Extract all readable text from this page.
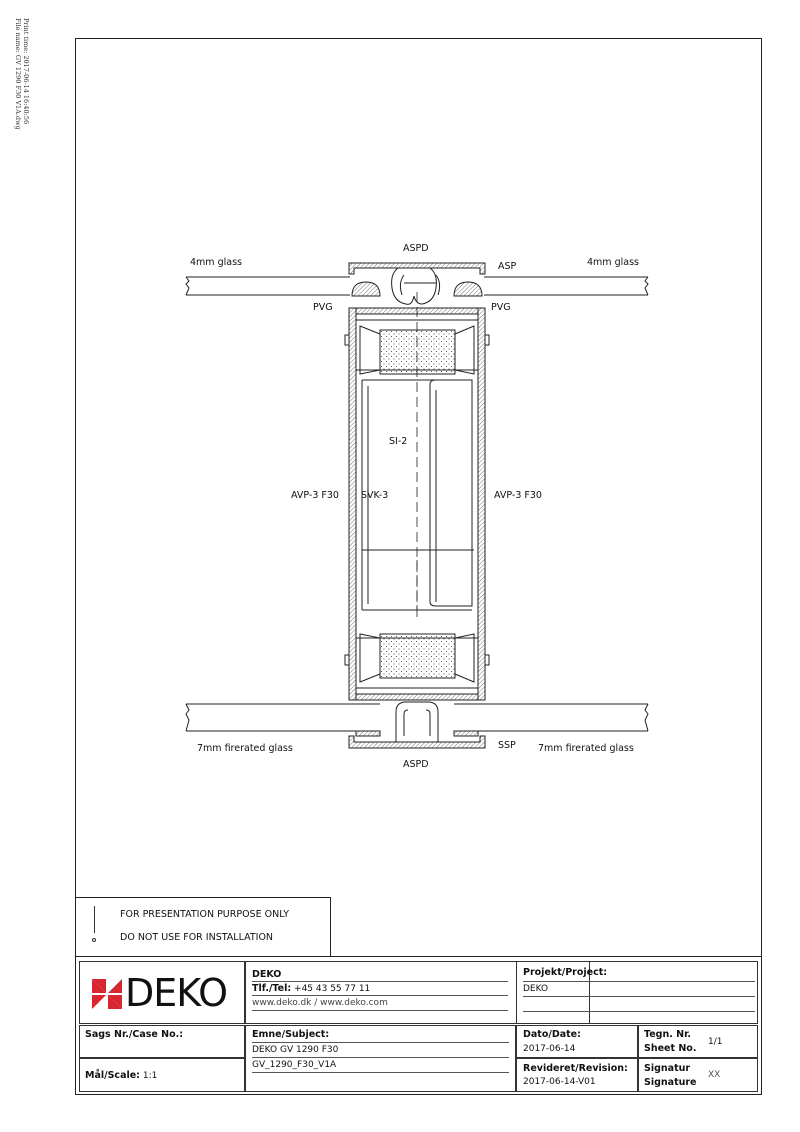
Print time: 2017-06-14 16:40:56
File name: GV 1290 F30 V1A.dwg
ASPD
4mm glass	4mm glass
ASP
PVG	PVG
SI-2
AVP-3 F30 SVK-3	AVP-3 F30
7mm firerated glass	SSP 7mm firerated glass
ASPD
FOR PRESENTATION PURPOSE ONLY
DO NOT USE FOR INSTALLATION
DEKO	DEKO
Tlf./Tel: +45 43 55 77 11
www.deko.dk / www.deko.com
Projekt/Project:
DEKO
Sags Nr./Case No.:
Mål/Scale: 1:1
Emne/Subject:
DEKO GV 1290 F30
GV_1290_F30_V1A
Dato/Date:
2017-06-14
Tegn. Nr.
Sheet No.
1/1
Revideret/Revision:
2017-06-14-V01
Signatur
Signature
XX
